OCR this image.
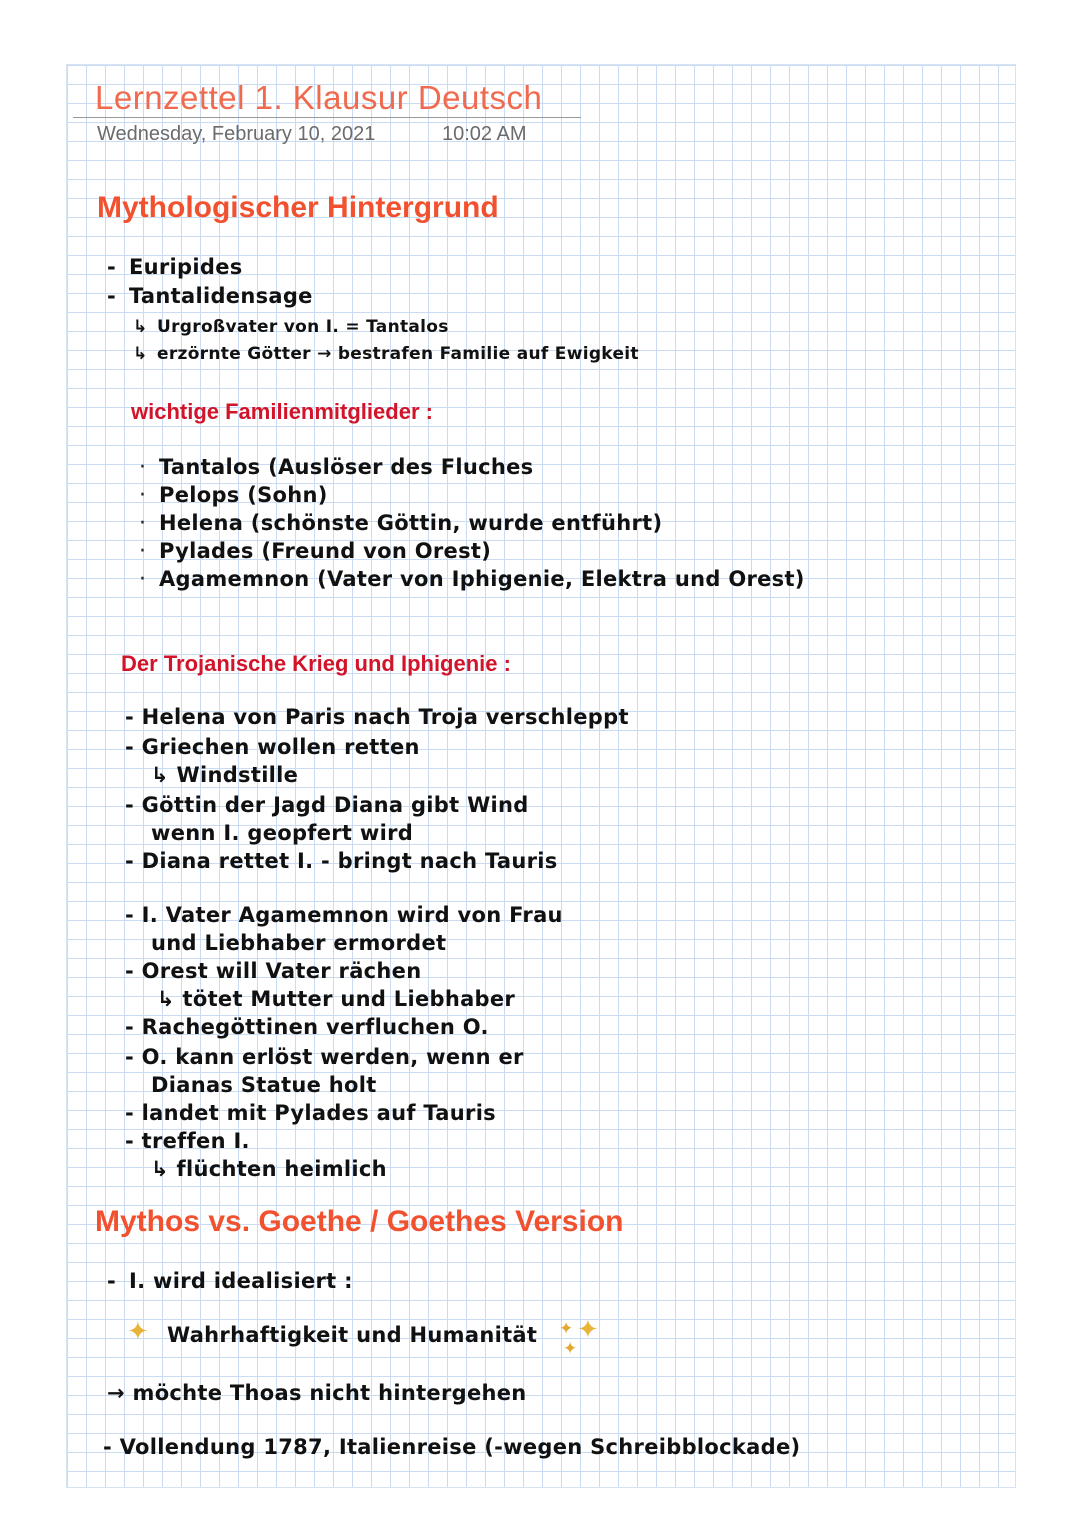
Lernzettel 1. Klausur Deutsch
Wednesday, February 10, 2021	10:02 AM
Mythologischer Hintergrund
- Euripides
- Tantalidensage
↳ Urgroßvater von I. = Tantalos
↳ erzörnte Götter → bestrafen Familie auf Ewigkeit
wichtige Familienmitglieder :
· Tantalos (Auslöser des Fluches
· Pelops (Sohn)
· Helena (schönste Göttin, wurde entführt)
· Pylades (Freund von Orest)
· Agamemnon (Vater von Iphigenie, Elektra und Orest)
Der Trojanische Krieg und Iphigenie :
- Helena von Paris nach Troja verschleppt
- Griechen wollen retten
↳ Windstille
- Göttin der Jagd Diana gibt Wind
wenn I. geopfert wird
- Diana rettet I. - bringt nach Tauris
- I. Vater Agamemnon wird von Frau
und Liebhaber ermordet
- Orest will Vater rächen
↳ tötet Mutter und Liebhaber
- Rachegöttinen verfluchen O.
- O. kann erlöst werden, wenn er
Dianas Statue holt
- landet mit Pylades auf Tauris
- treffen I.
↳ flüchten heimlich
Mythos vs. Goethe / Goethes Version
- I. wird idealisiert :
✦ Wahrhaftigkeit und Humanität ✦ ✦
✦
→ möchte Thoas nicht hintergehen
- Vollendung 1787, Italienreise (-wegen Schreibblockade)
